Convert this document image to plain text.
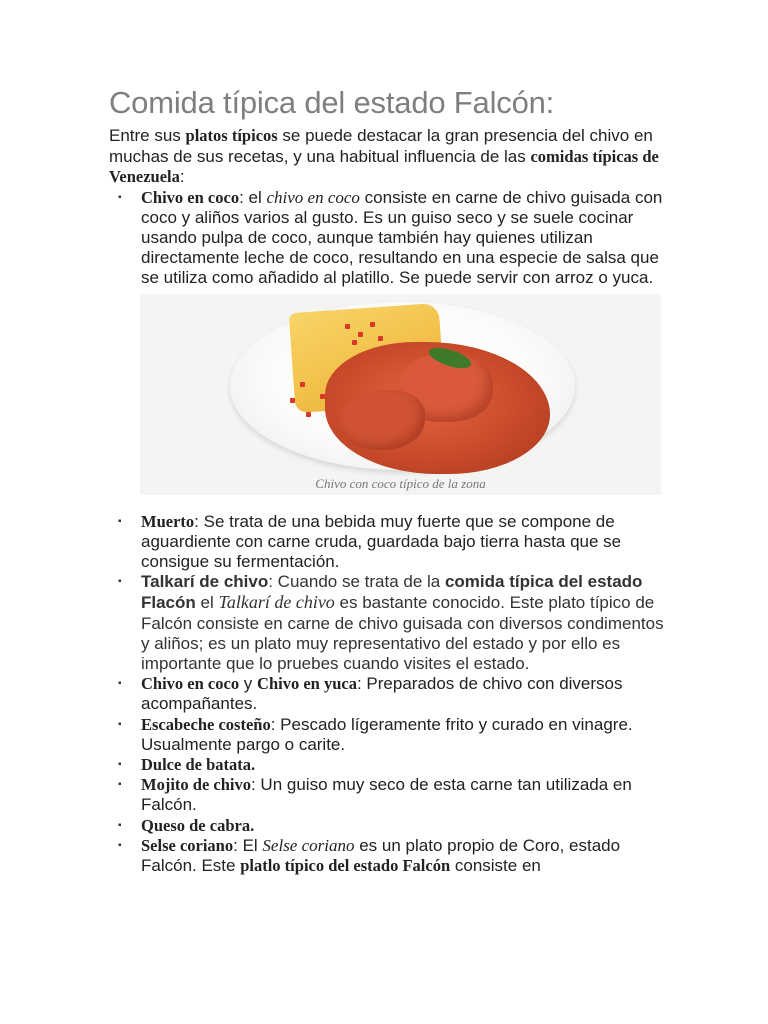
Comida típica del estado Falcón:

Entre sus platos típicos se puede destacar la gran presencia del chivo en muchas de sus recetas, y una habitual influencia de las comidas típicas de Venezuela:

▪ Chivo en coco: el chivo en coco consiste en carne de chivo guisada con coco y aliños varios al gusto. Es un guiso seco y se suele cocinar usando pulpa de coco, aunque también hay quienes utilizan directamente leche de coco, resultando en una especie de salsa que se utiliza como añadido al platillo. Se puede servir con arroz o yuca.
Chivo con coco típico de la zona
▪ Muerto: Se trata de una bebida muy fuerte que se compone de aguardiente con carne cruda, guardada bajo tierra hasta que se consigue su fermentación.
▪ Talkarí de chivo: Cuando se trata de la comida típica del estado Flacón el Talkarí de chivo es bastante conocido. Este plato típico de Falcón consiste en carne de chivo guisada con diversos condimentos y aliños; es un plato muy representativo del estado y por ello es importante que lo pruebes cuando visites el estado.
▪ Chivo en coco y Chivo en yuca: Preparados de chivo con diversos acompañantes.
▪ Escabeche costeño: Pescado lígeramente frito y curado en vinagre. Usualmente pargo o carite.
▪ Dulce de batata.
▪ Mojito de chivo: Un guiso muy seco de esta carne tan utilizada en Falcón.
▪ Queso de cabra.
▪ Selse coriano: El Selse coriano es un plato propio de Coro, estado Falcón. Este platlo típico del estado Falcón consiste en
